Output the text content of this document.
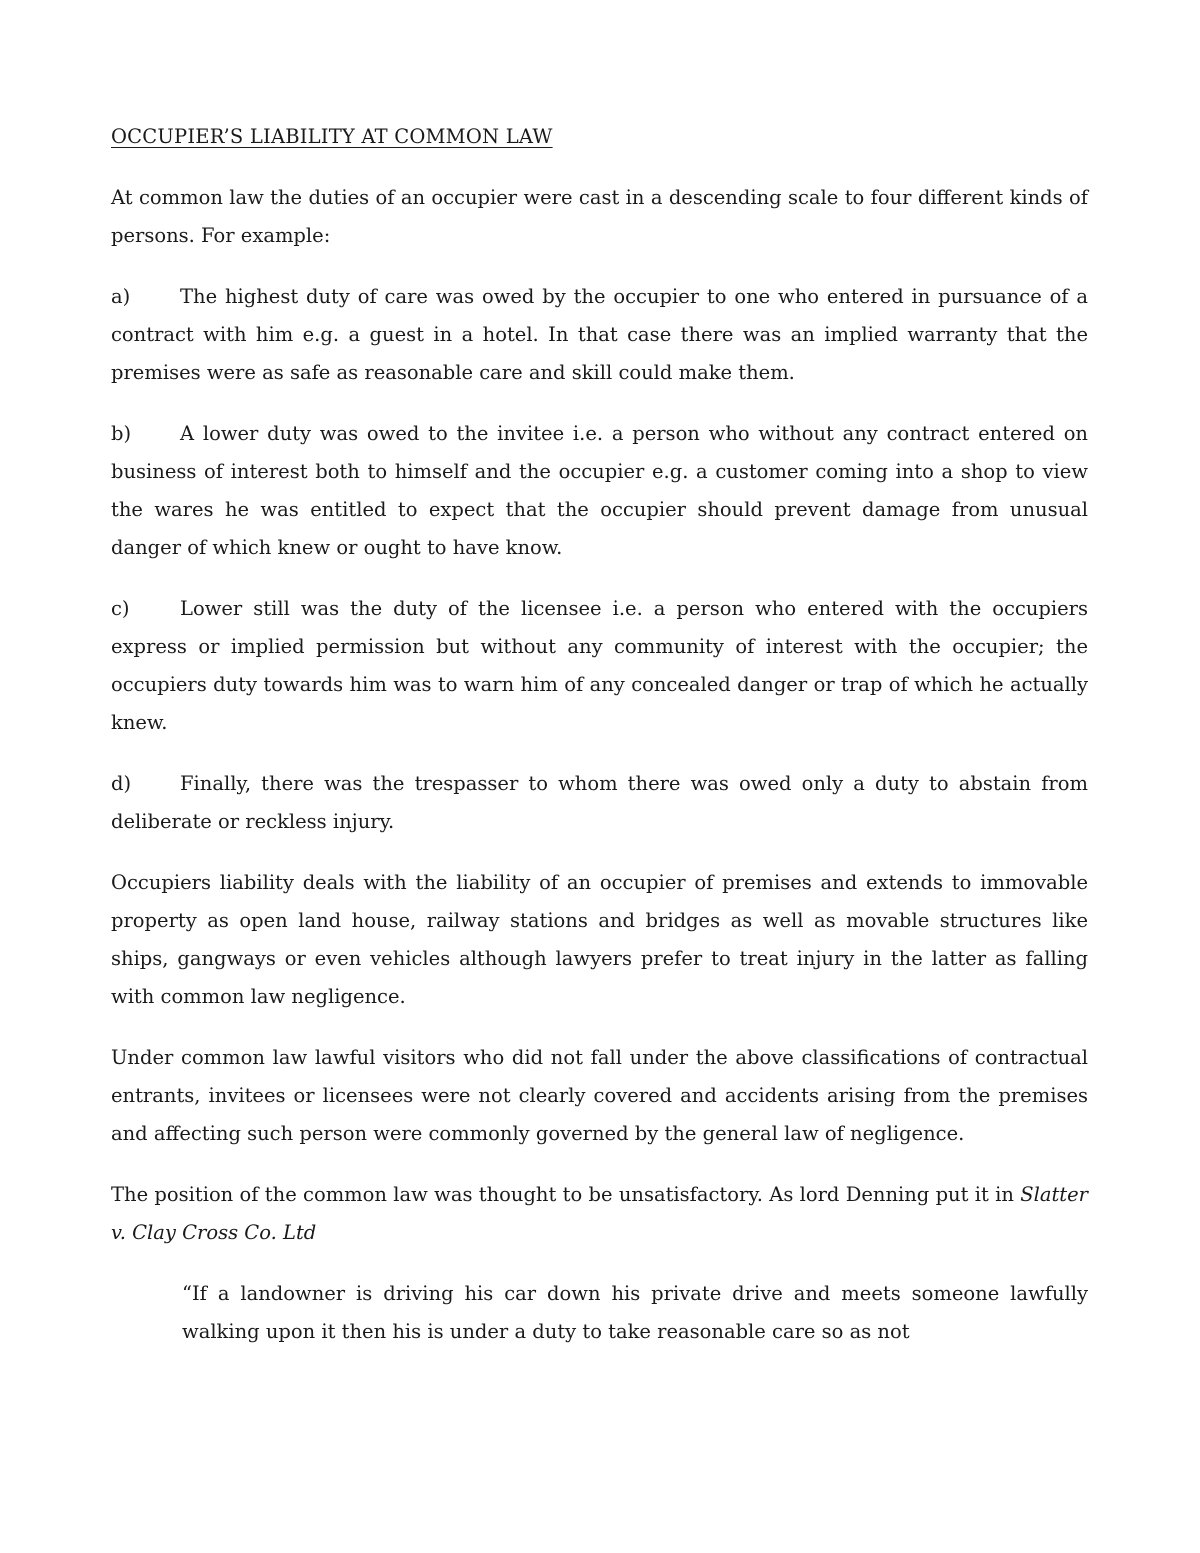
OCCUPIER’S LIABILITY AT COMMON LAW

At common law the duties of an occupier were cast in a descending scale to four different kinds of persons. For example:

a)	The highest duty of care was owed by the occupier to one who entered in pursuance of a contract with him e.g. a guest in a hotel. In that case there was an implied warranty that the premises were as safe as reasonable care and skill could make them.
b)	A lower duty was owed to the invitee i.e. a person who without any contract entered on business of interest both to himself and the occupier e.g. a customer coming into a shop to view the wares he was entitled to expect that the occupier should prevent damage from unusual danger of which knew or ought to have know.
c)	Lower still was the duty of the licensee i.e. a person who entered with the occupiers express or implied permission but without any community of interest with the occupier; the occupiers duty towards him was to warn him of any concealed danger or trap of which he actually knew.
d)	Finally, there was the trespasser to whom there was owed only a duty to abstain from deliberate or reckless injury.

Occupiers liability deals with the liability of an occupier of premises and extends to immovable property as open land house, railway stations and bridges as well as movable structures like ships, gangways or even vehicles although lawyers prefer to treat injury in the latter as falling with common law negligence.

Under common law lawful visitors who did not fall under the above classifications of contractual entrants, invitees or licensees were not clearly covered and accidents arising from the premises and affecting such person were commonly governed by the general law of negligence.

The position of the common law was thought to be unsatisfactory. As lord Denning put it in Slatter v. Clay Cross Co. Ltd

“If a landowner is driving his car down his private drive and meets someone lawfully walking upon it then his is under a duty to take reasonable care so as not
